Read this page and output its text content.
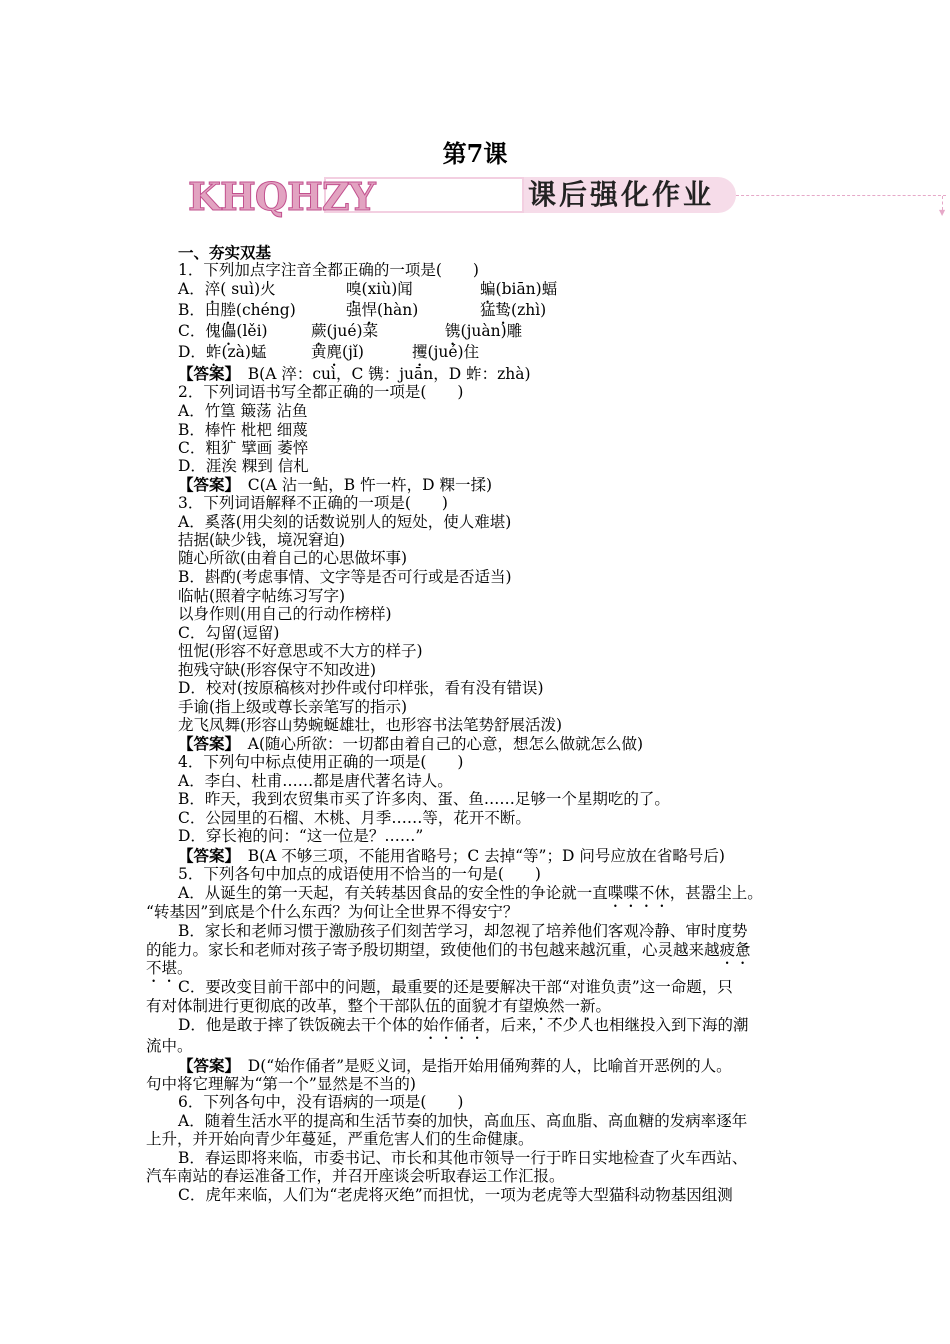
第7课
KHQHZY	课后强化作业
▼
一、夯实双基
1．下列加点字注音全都正确的一项是(　　)
A．淬( suì)火	嗅(xiù)闻	蝙(biān)蝠
B．田塍(chéng)	强悍(hàn)	猛鸷(zhì)
C．傀儡(lěi)	蕨(jué)菜	镌(juàn)雕
D．蚱(zà)蜢	黄麂(jǐ)	攫(jué)住
【答案】　B(A 淬：cuì，C 镌：juān，D 蚱：zhà)
2．下列词语书写全都正确的一项是(　　)
A．竹篁 簸荡 沾鱼
B．棒忤 枇杷 细蔑
C．粗犷 擘画 萎悴
D．涯涘 粿到 信札
【答案】　C(A 沾一鲇，B 忤一杵，D 粿一揉)
3．下列词语解释不正确的一项是(　　)
A．奚落(用尖刻的话数说别人的短处，使人难堪)
拮据(缺少钱，境况窘迫)
随心所欲(由着自己的心思做坏事)
B．斟酌(考虑事情、文字等是否可行或是否适当)
临帖(照着字帖练习写字)
以身作则(用自己的行动作榜样)
C．勾留(逗留)
忸怩(形容不好意思或不大方的样子)
抱残守缺(形容保守不知改进)
D．校对(按原稿核对抄件或付印样张，看有没有错误)
手谕(指上级或尊长亲笔写的指示)
龙飞凤舞(形容山势蜿蜒雄壮，也形容书法笔势舒展活泼)
【答案】　A(随心所欲：一切都由着自己的心意，想怎么做就怎么做)
4．下列句中标点使用正确的一项是(　　)
A．李白、杜甫……都是唐代著名诗人。
B．昨天，我到农贸集市买了许多肉、蛋、鱼……足够一个星期吃的了。
C．公园里的石榴、木桃、月季……等，花开不断。
D．穿长袍的问：“这一位是？……”
【答案】　B(A 不够三项，不能用省略号；C 去掉“等”；D 问号应放在省略号后)
5．下列各句中加点的成语使用不恰当的一句是(　　)
A．从诞生的第一天起，有关转基因食品的安全性的争论就一直喋喋不休，甚嚣尘上。
“转基因”到底是个什么东西？为何让全世界不得安宁？
B．家长和老师习惯于激励孩子们刻苦学习，却忽视了培养他们客观冷静、审时度势
的能力。家长和老师对孩子寄予殷切期望，致使他们的书包越来越沉重，心灵越来越疲惫
不堪。
C．要改变目前干部中的问题，最重要的还是要解决干部“对谁负责”这一命题，只
有对体制进行更彻底的改革，整个干部队伍的面貌才有望焕然一新。
D．他是敢于摔了铁饭碗去干个体的始作俑者，后来，不少人也相继投入到下海的潮
流中。
【答案】　D(“始作俑者”是贬义词，是指开始用俑殉葬的人，比喻首开恶例的人。
句中将它理解为“第一个”显然是不当的)
6．下列各句中，没有语病的一项是(　　)
A．随着生活水平的提高和生活节奏的加快，高血压、高血脂、高血糖的发病率逐年
上升，并开始向青少年蔓延，严重危害人们的生命健康。
B．春运即将来临，市委书记、市长和其他市领导一行于昨日实地检查了火车西站、
汽车南站的春运准备工作，并召开座谈会听取春运工作汇报。
C．虎年来临，人们为“老虎将灭绝”而担忧，一项为老虎等大型猫科动物基因组测
